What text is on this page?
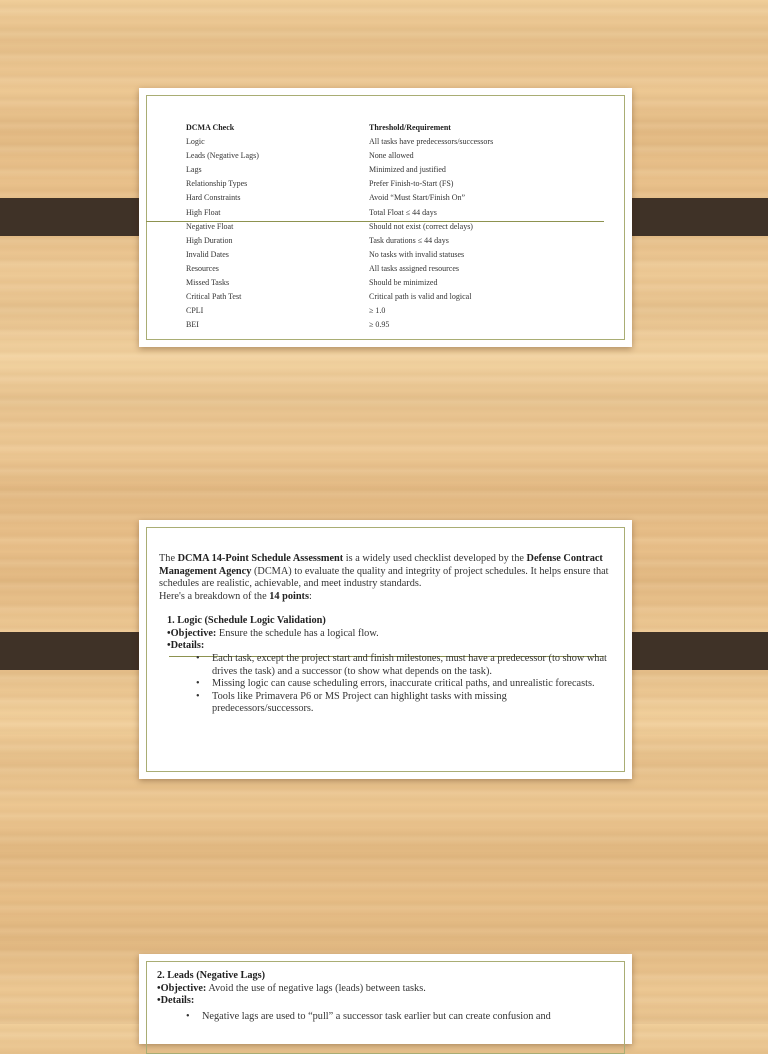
DCMA Check
Logic
Leads (Negative Lags)
Lags
Relationship Types
Hard Constraints
High Float
Negative Float
High Duration
Invalid Dates
Resources
Missed Tasks
Critical Path Test
CPLI
BEI
Threshold/Requirement
All tasks have predecessors/successors
None allowed
Minimized and justified
Prefer Finish-to-Start (FS)
Avoid “Must Start/Finish On”
Total Float ≤ 44 days
Should not exist (correct delays)
Task durations ≤ 44 days
No tasks with invalid statuses
All tasks assigned resources
Should be minimized
Critical path is valid and logical
≥ 1.0
≥ 0.95

The DCMA 14-Point Schedule Assessment is a widely used checklist developed by the Defense Contract Management Agency (DCMA) to evaluate the quality and integrity of project schedules. It helps ensure that schedules are realistic, achievable, and meet industry standards.

Here's a breakdown of the 14 points:

1. Logic (Schedule Logic Validation)

•Objective: Ensure the schedule has a logical flow.

•Details:

• Each task, except the project start and finish milestones, must have a predecessor (to show what drives the task) and a successor (to show what depends on the task).
• Missing logic can cause scheduling errors, inaccurate critical paths, and unrealistic forecasts.
• Tools like Primavera P6 or MS Project can highlight tasks with missing predecessors/successors.

2. Leads (Negative Lags)

•Objective: Avoid the use of negative lags (leads) between tasks.

•Details:

• Negative lags are used to “pull” a successor task earlier but can create confusion and
